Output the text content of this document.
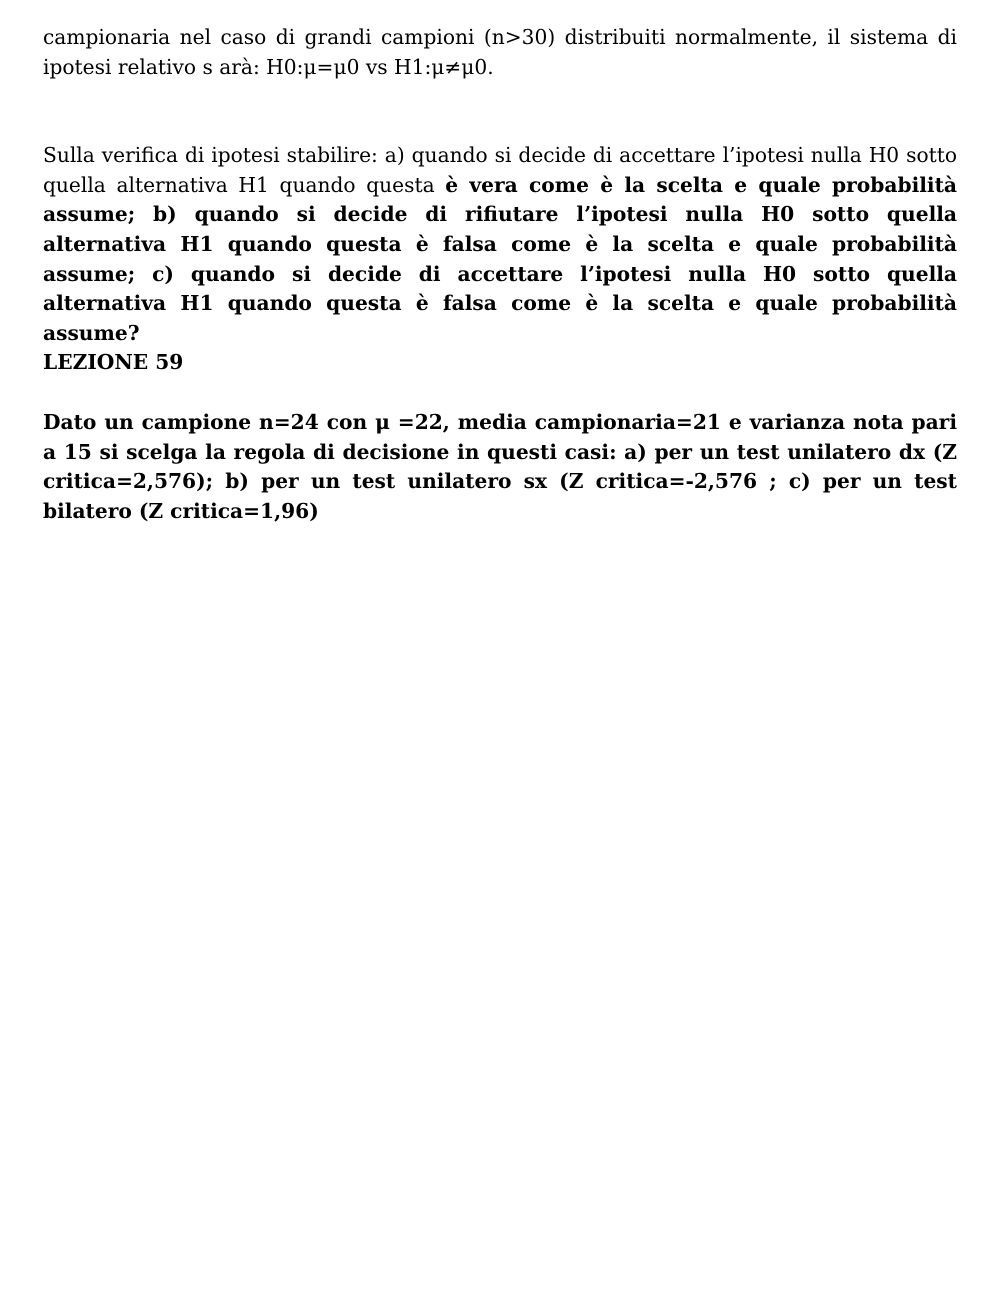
campionaria nel caso di grandi campioni (n>30) distribuiti normalmente, il sistema di ipotesi relativo s arà: H0:μ=μ0 vs H1:μ≠μ0.

Sulla verifica di ipotesi stabilire: a) quando si decide di accettare l’ipotesi nulla H0 sotto quella alternativa H1 quando questa è vera come è la scelta e quale probabilità assume; b) quando si decide di rifiutare l’ipotesi nulla H0 sotto quella alternativa H1 quando questa è falsa come è la scelta e quale probabilità assume; c) quando si decide di accettare l’ipotesi nulla H0 sotto quella alternativa H1 quando questa è falsa come è la scelta e quale probabilità assume?

LEZIONE 59

Dato un campione n=24 con μ =22, media campionaria=21 e varianza nota pari a 15 si scelga la regola di decisione in questi casi: a) per un test unilatero dx (Z critica=2,576); b) per un test unilatero sx (Z critica=-2,576 ; c) per un test bilatero (Z critica=1,96)
